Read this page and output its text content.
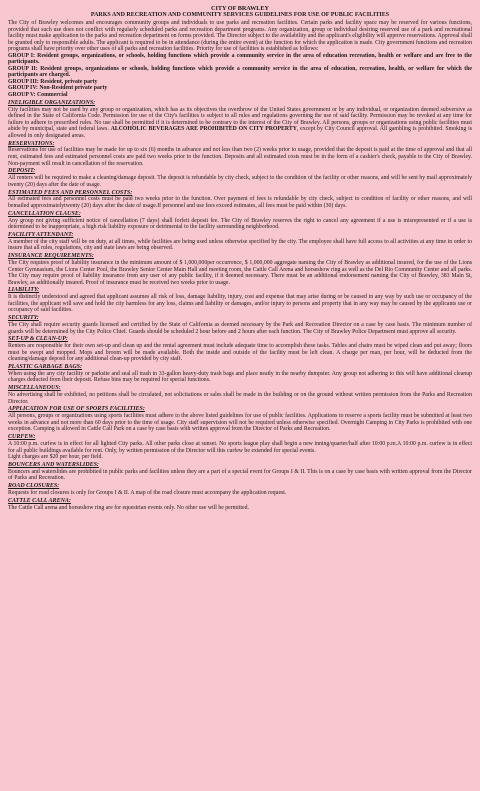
CITY OF BRAWLEY
PARKS AND RECREATION AND COMMUNITY SERVICES GUIDELINES FOR USE OF PUBLIC FACILITIES

The City of Brawley welcomes and encourages community groups and individuals to use parks and recreation facilities. Certain parks and facility space may be reserved for various functions, provided that such use does not conflict with regularly scheduled parks and recreation department programs. Any organization, group or individual desiring reserved use of a park and recreational facility must make application to the parks and recreation department on forms provided. The Director subject to the availability and the applicant's eligibility will approve reservations. Approval shall be granted only to responsible adults. The applicant is required to be in attendance (during the entire event) at the function for which the application is made. City government functions and recreation programs shall have priority over other uses of all parks and recreation facilities. Priority for use of facilities is established as follows:

GROUP I: Resident groups, organizations, or schools, holding functions which provide a community service in the area of education recreation, health or welfare and are free to the participants.

GROUP II: Resident groups, organizations or schools, holding functions which provide a community service in the area of education, recreation, health, or welfare for which the participants are charged.

GROUP III: Resident, private party

GROUP IV: Non-Resident private party

GROUP V: Commercial

INELIGIBLE ORGANIZATIONS:

City facilities may not be used by any group or organization, which has as its objectives the overthrow of the United States government or by any individual, or organization deemed subversive as defined in the State of California Code. Permission for use of the City's facilities is subject to all rules and regulations governing the use of said facility. Permission may be revoked at any time for failure to adhere to prescribed rules. No use shall be permitted if it is determined to be contrary to the interest of the City of Brawley. All persons, groups or organizations using public facilities must abide by municipal, state and federal laws. ALCOHOLIC BEVERAGES ARE PROHIBITED ON CITY PROPERTY, except by City Council approval. All gambling is prohibited. Smoking is allowed in only designated areas.

RESERVATIONS:

Reservations for use of facilities may be made for up to six (6) months in advance and not less than two (2) weeks prior to usage, provided that the deposit is paid at the time of approval and that all rent, estimated fees and estimated personnel costs are paid two weeks prior to the function. Deposits and all estimated costs must be in the form of a cashier's check, payable to the City of Brawley. Non-payment will result in cancellation of the reservation.

DEPOSIT:

All renters will be required to make a cleaning/damage deposit. The deposit is refundable by city check, subject to the condition of the facility or other reasons, and will be sent by mail approximately twenty (20) days after the date of usage.

ESTIMATED FEES AND PERSONNEL COSTS:

All estimated fees and personnel costs must be paid two weeks prior to the function. Over payment of fees is refundable by city check, subject to condition of facility or other reasons, and will bemailed approximatelytwenty (20) days after the date of usage.If personnel and use fees exceed estimates, all fees must be paid within (30) days.

CANCELLATION CLAUSE:

Any group not giving sufficient notice of cancellation (7 days) shall forfeit deposit fee. The City of Brawley reserves the right to cancel any agreement if a use is misrepresented or if a use is determined to be inappropriate, a high risk liability exposure or detrimental to the facility surrounding neighborhood.

FACILITY ATTENDANT:

A member of the city staff will be on duty, at all times, while facilities are being used unless otherwise specified by the city. The employee shall have full access to all activities at any time in order to insure that all rules, regulations, city and state laws are being observed.

INSURANCE REQUIREMENTS:

The City requires proof of liability insurance in the minimum amount of $ 1,000,000per occurrence, $ 1,000,000 aggregate naming the City of Brawley as additional insured, for the use of the Lions Center Gymnasium, the Lions Center Pool, the Brawley Senior Center Main Hall and meeting room, the Cattle Call Arena and horseshow ring as well as the Del Rio Community Center and all parks. The City may require proof of liability insurance from any user of any public facility, if it deemed necessary. There must be an additional endorsement naming the City of Brawley, 383 Main St, Brawley, as additionally insured. Proof of insurance must be received two weeks prior to usage.

LIABILITY:

It is distinctly understood and agreed that applicant assumes all risk of loss, damage liability, injury, cost and expense that may arise during or be caused in any way by such use or occupancy of the facilities, the applicant will save and hold the city harmless for any loss, claims and liability or damages, and/or injury to persons and property that in any way may be caused by the applicants use or occupancy of said facilities.

SECURITY:

The City shall require security guards licensed and certified by the State of California as deemed necessary by the Park and Recreation Director on a case by case basis. The minimum number of guards will be determined by the City Police Chief. Guards should be scheduled 2 hour before and 2 hours after each function. The City of Brawley Police Department must approve all security.

SET-UP & CLEAN-UP:

Renters are responsible for their own set-up and clean up and the rental agreement must include adequate time to accomplish these tasks. Tables and chairs must be wiped clean and put away; floors must be swept and mopped. Mops and broom will be made available. Both the inside and outside of the facility must be left clean. A charge per man, per hour, will be deducted from the cleaning/damage deposit for any additional clean-up provided by city staff.

PLASTIC GARBAGE BAGS:

When using the any city facility or parksite and seal all trash in 33-gallon heavy-duty trash bags and place neatly in the nearby dumpster. Any group not adhering to this will have additional cleanup charges deducted from their deposit. Refuse bins may be required for special functions.

MISCELLANEOUS:

No advertising shall be exhibited, no petitions shall be circulated, not solicitations or sales shall be made in the building or on the ground without written permission from the Parks and Recreation Director.

APPLICATION FOR USE OF SPORTS FACILITIES:

All persons, groups or organizations using sports facilities must adhere to the above listed guidelines for use of public facilities. Applications to reserve a sports facility must be submitted at least two weeks in advance and not more than 60 days prior to the time of usage. City staff supervision will not be required unless otherwise specified. Overnight Camping in City Parks is prohibited with one exception. Camping is allowed in Cattle Call Park on a case by case basis with written approval from the Director of Parks and Recreation.

CURFEW:

A 10:00 p.m. curfew is in effect for all lighted City parks. All other parks close at sunset. No sports league play shall begin a new inning/quarter/half after 10:00 p.m.A 10:00 p.m. curfew is in effect for all public buildings available for rent. Only, by written permission of the Director will this curfew be extended for special events.

Light charges are $20 per hour, per field.

BOUNCERS AND WATERSLIDES:

Bouncers and waterslides are prohibited in public parks and facilities unless they are a part of a special event for Groups I & II. This is on a case by case basis with written approval from the Director of Parks and Recreation.

ROAD CLOSURES:

Requests for road closures is only for Groups I & II. A map of the road closure must accompany the application request.

CATTLE CALL ARENA:

The Cattle Call arena and horseshow ring are for equestrian events only. No other use will be permitted.
